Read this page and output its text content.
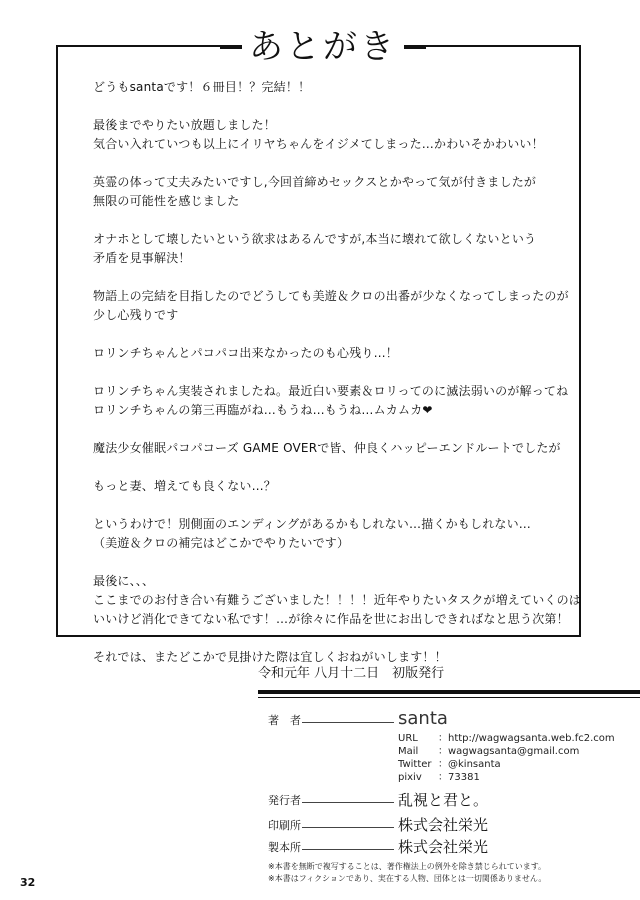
あとがき

どうもsantaです！６冊目！？完結！！

最後までやりたい放題しました！
気合い入れていつも以上にイリヤちゃんをイジメてしまった…かわいそかわいい！

英霊の体って丈夫みたいですし,今回首締めセックスとかやって気が付きましたが
無限の可能性を感じました

オナホとして壊したいという欲求はあるんですが,本当に壊れて欲しくないという
矛盾を見事解決！

物語上の完結を目指したのでどうしても美遊＆クロの出番が少なくなってしまったのが
少し心残りです

ロリンチちゃんとパコパコ出来なかったのも心残り…！

ロリンチちゃん実装されましたね。最近白い要素＆ロリってのに滅法弱いのが解ってね
ロリンチちゃんの第三再臨がね…もうね…もうね…ムカムカ❤

魔法少女催眠パコパコーズ GAME OVERで皆、仲良くハッピーエンドルートでしたが
もっと妻、増えても良くない…？

というわけで！別側面のエンディングがあるかもしれない…描くかもしれない…
（美遊＆クロの補完はどこかでやりたいです）

最後に、、、
ここまでのお付き合い有難うございました！！！！近年やりたいタスクが増えていくのは
いいけど消化できてない私です！…が徐々に作品を世にお出しできればなと思う次第！

それでは、またどこかで見掛けた際は宜しくおねがいします！！

令和元年 八月十二日　初版発行
著　者	santa
URL ：http://wagwagsanta.web.fc2.com
Mail ：wagwagsanta@gmail.com
Twitter ：@kinsanta
pixiv ：73381
発行者	乱視と君と。
印刷所	株式会社栄光
製本所	株式会社栄光
※本書を無断で複写することは、著作権法上の例外を除き禁じられています。
※本書はフィクションであり、実在する人物、団体とは一切関係ありません。
32
